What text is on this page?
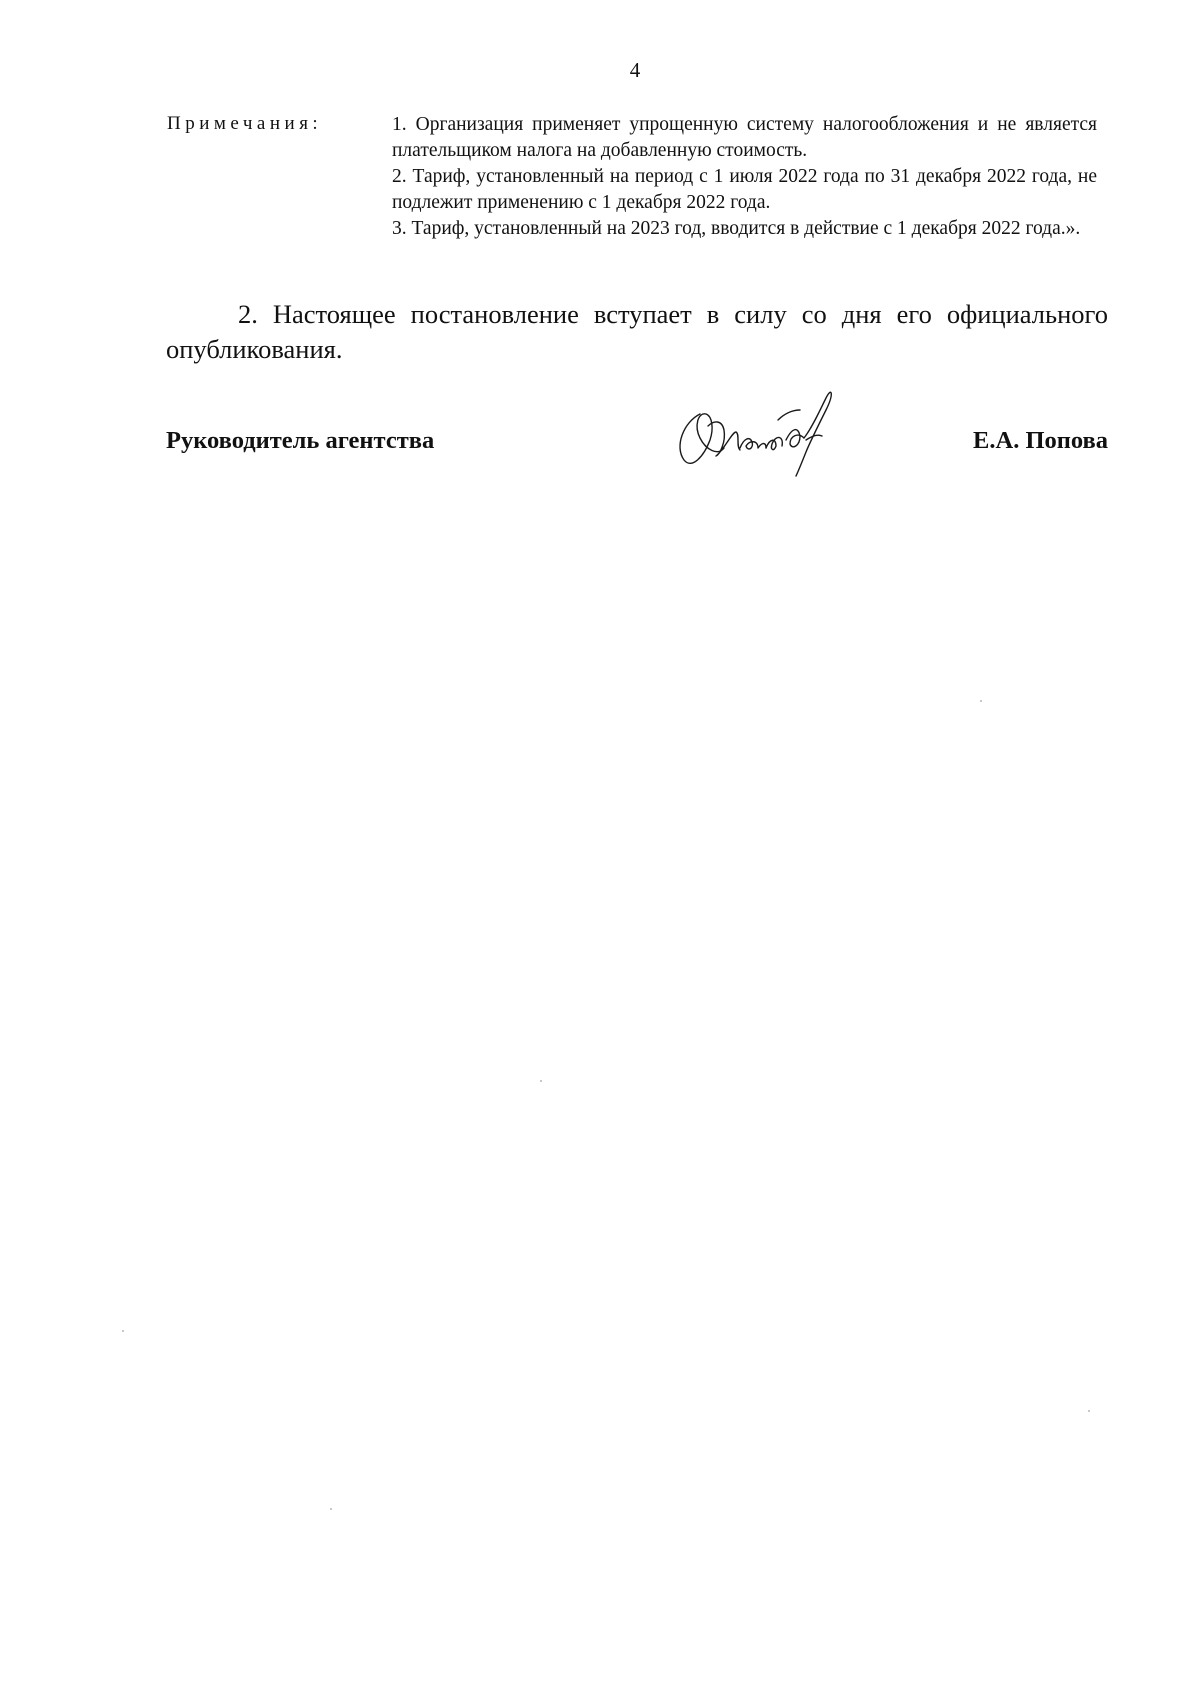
4
Примечания:	1. Организация применяет упрощенную систему налогообложения и не является плательщиком налога на добавленную стоимость.

2. Тариф, установленный на период с 1 июля 2022 года по 31 декабря 2022 года, не подлежит применению с 1 декабря 2022 года.

3. Тариф, установленный на 2023 год, вводится в действие с 1 декабря 2022 года.».

2. Настоящее постановление вступает в силу со дня его официального опубликования.

Руководитель агентства	Е.А. Попова
